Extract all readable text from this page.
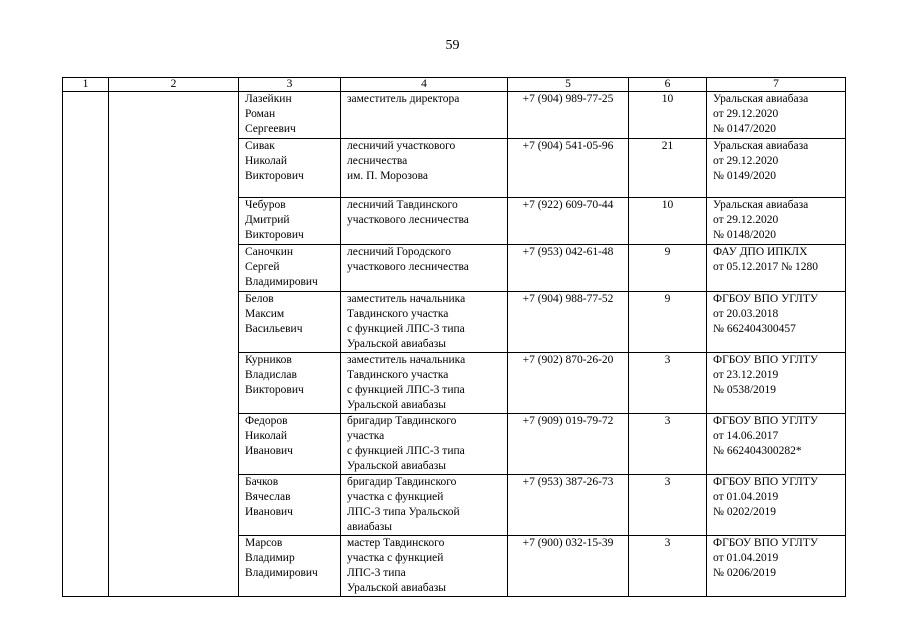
59
1	2	3	4	5	6	7
		Лазейкин
Роман
Сергеевич	заместитель директора	+7 (904) 989-77-25	10	Уральская авиабаза
от 29.12.2020
№ 0147/2020
		Сивак
Николай
Викторович	лесничий участкового
лесничества
им. П. Морозова	+7 (904) 541-05-96	21	Уральская авиабаза
от 29.12.2020
№ 0149/2020
		Чебуров
Дмитрий
Викторович	лесничий Тавдинского
участкового лесничества	+7 (922) 609-70-44	10	Уральская авиабаза
от 29.12.2020
№ 0148/2020
		Саночкин
Сергей
Владимирович	лесничий Городского
участкового лесничества	+7 (953) 042-61-48	9	ФАУ ДПО ИПКЛХ
от 05.12.2017 № 1280
		Белов
Максим
Васильевич	заместитель начальника
Тавдинского участка
с функцией ЛПС-3 типа
Уральской авиабазы	+7 (904) 988-77-52	9	ФГБОУ ВПО УГЛТУ
от 20.03.2018
№ 662404300457
		Курников
Владислав
Викторович	заместитель начальника
Тавдинского участка
с функцией ЛПС-3 типа
Уральской авиабазы	+7 (902) 870-26-20	3	ФГБОУ ВПО УГЛТУ
от 23.12.2019
№ 0538/2019
		Федоров
Николай
Иванович	бригадир Тавдинского
участка
с функцией ЛПС-3 типа
Уральской авиабазы	+7 (909) 019-79-72	3	ФГБОУ ВПО УГЛТУ
от 14.06.2017
№ 662404300282*
		Бачков
Вячеслав
Иванович	бригадир Тавдинского
участка с функцией
ЛПС-3 типа Уральской
авиабазы	+7 (953) 387-26-73	3	ФГБОУ ВПО УГЛТУ
от 01.04.2019
№ 0202/2019
		Марсов
Владимир
Владимирович	мастер Тавдинского
участка с функцией
ЛПС-3 типа
Уральской авиабазы	+7 (900) 032-15-39	3	ФГБОУ ВПО УГЛТУ
от 01.04.2019
№ 0206/2019
